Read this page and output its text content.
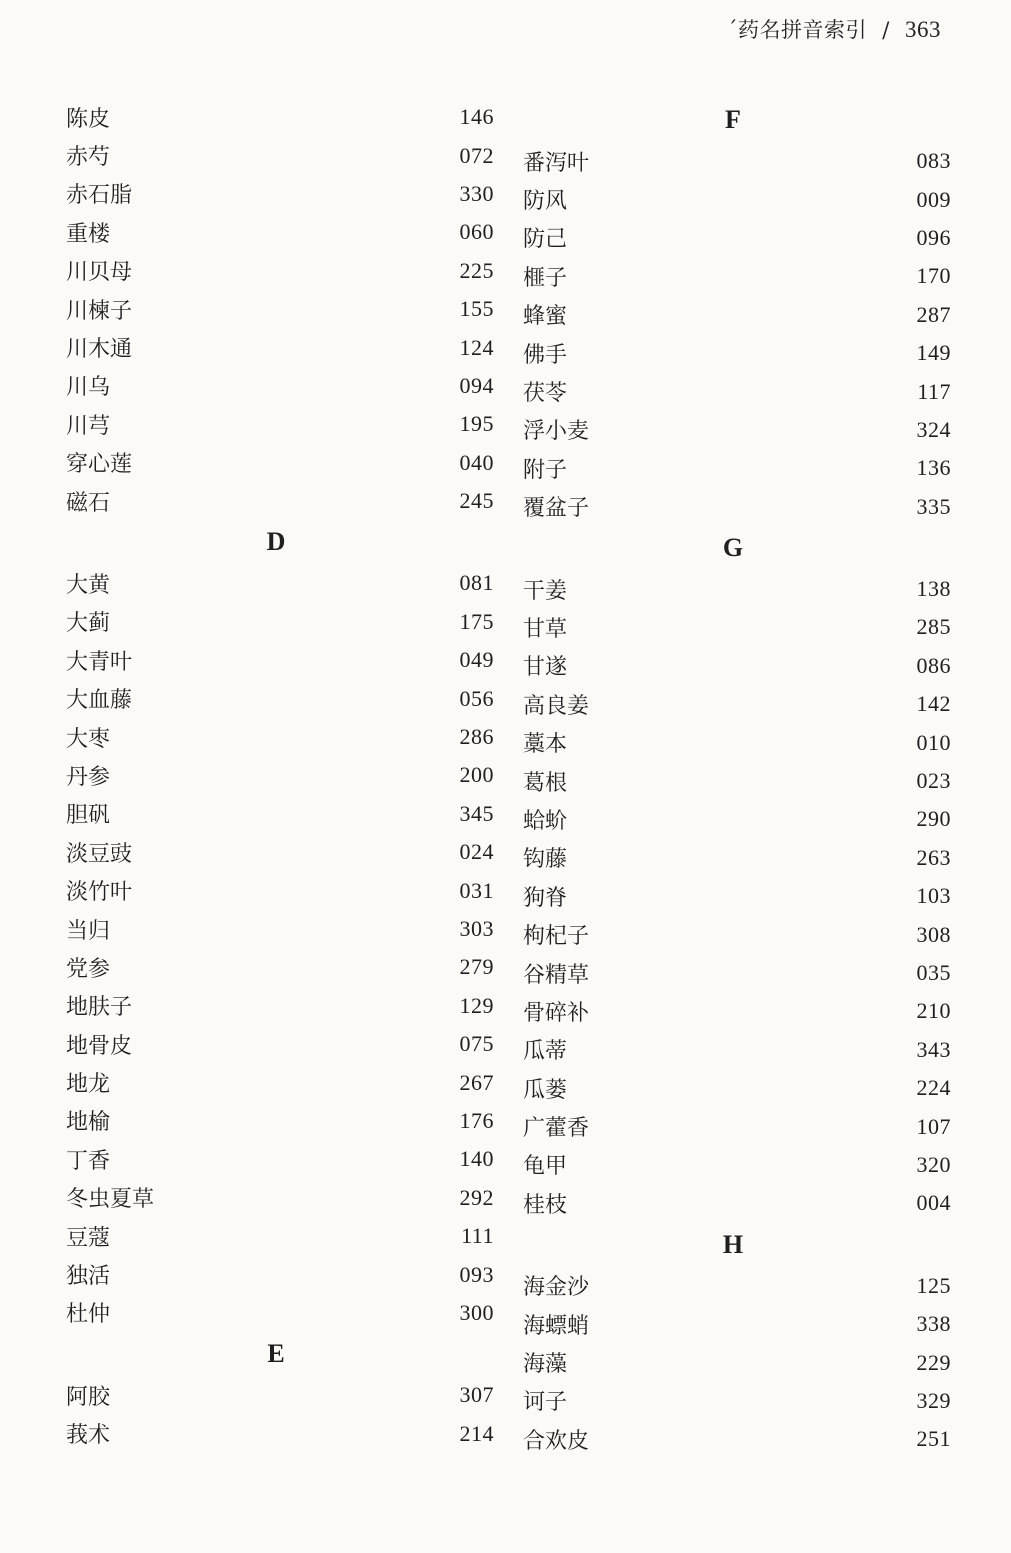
´药名拼音索引 / 363
陈皮	146
赤芍	072
赤石脂	330
重楼	060
川贝母	225
川楝子	155
川木通	124
川乌	094
川芎	195
穿心莲	040
磁石	245
D
大黄	081
大蓟	175
大青叶	049
大血藤	056
大枣	286
丹参	200
胆矾	345
淡豆豉	024
淡竹叶	031
当归	303
党参	279
地肤子	129
地骨皮	075
地龙	267
地榆	176
丁香	140
冬虫夏草	292
豆蔻	111
独活	093
杜仲	300
E
阿胶	307
莪术	214
F
番泻叶	083
防风	009
防己	096
榧子	170
蜂蜜	287
佛手	149
茯苓	117
浮小麦	324
附子	136
覆盆子	335
G
干姜	138
甘草	285
甘遂	086
高良姜	142
藁本	010
葛根	023
蛤蚧	290
钩藤	263
狗脊	103
枸杞子	308
谷精草	035
骨碎补	210
瓜蒂	343
瓜蒌	224
广藿香	107
龟甲	320
桂枝	004
H
海金沙	125
海螵蛸	338
海藻	229
诃子	329
合欢皮	251
